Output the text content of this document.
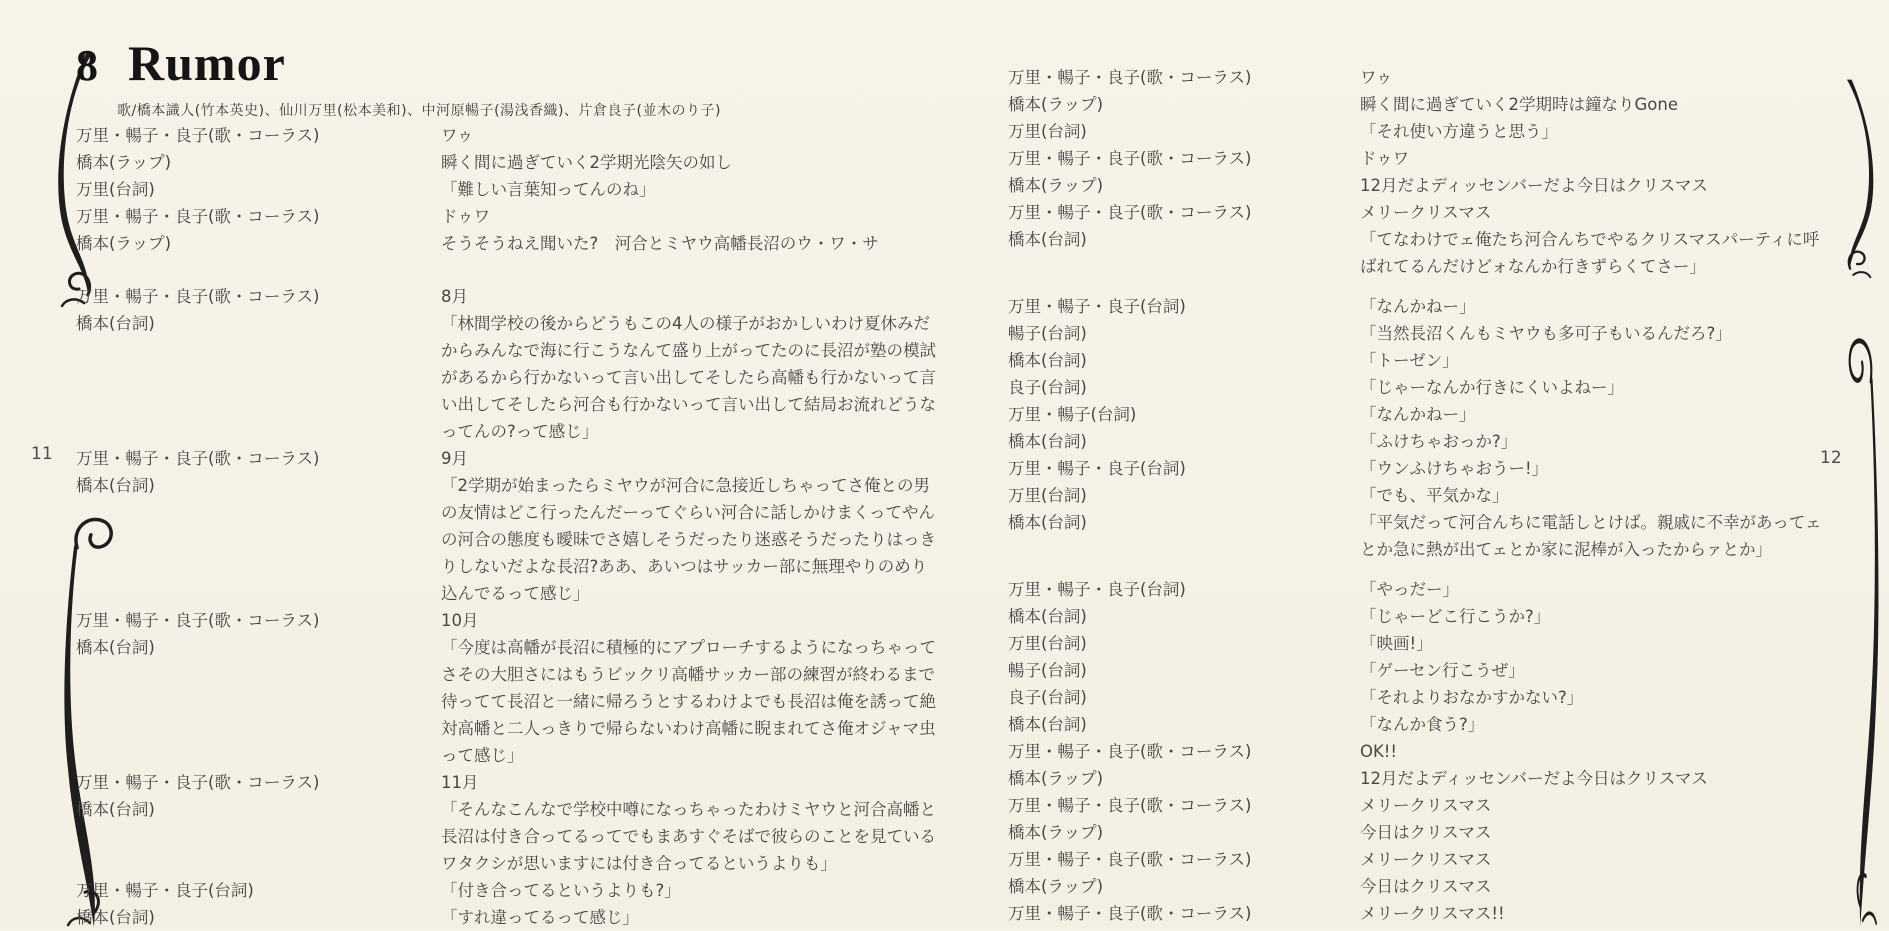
11	12
8 Rumor
歌/橋本識人(竹本英史)、仙川万里(松本美和)、中河原暢子(湯浅香織)、片倉良子(並木のり子)
万里・暢子・良子(歌・コーラス)	ワゥ
橋本(ラップ)	瞬く間に過ぎていく2学期光陰矢の如し
万里(台詞)	「難しい言葉知ってんのね」
万里・暢子・良子(歌・コーラス)	ドゥワ
橋本(ラップ)	そうそうねえ聞いた?　河合とミヤウ高幡長沼のウ・ワ・サ
万里・暢子・良子(歌・コーラス)	8月
橋本(台詞)	「林間学校の後からどうもこの4人の様子がおかしいわけ夏休みだからみんなで海に行こうなんて盛り上がってたのに長沼が塾の模試があるから行かないって言い出してそしたら高幡も行かないって言い出してそしたら河合も行かないって言い出して結局お流れどうなってんの?って感じ」
万里・暢子・良子(歌・コーラス)	9月
橋本(台詞)	「2学期が始まったらミヤウが河合に急接近しちゃってさ俺との男の友情はどこ行ったんだーってぐらい河合に話しかけまくってやんの河合の態度も曖昧でさ嬉しそうだったり迷惑そうだったりはっきりしないだよな長沼?ああ、あいつはサッカー部に無理やりのめり込んでるって感じ」
万里・暢子・良子(歌・コーラス)	10月
橋本(台詞)	「今度は高幡が長沼に積極的にアプローチするようになっちゃってさその大胆さにはもうビックリ高幡サッカー部の練習が終わるまで待ってて長沼と一緒に帰ろうとするわけよでも長沼は俺を誘って絶対高幡と二人っきりで帰らないわけ高幡に睨まれてさ俺オジャマ虫って感じ」
万里・暢子・良子(歌・コーラス)	11月
橋本(台詞)	「そんなこんなで学校中噂になっちゃったわけミヤウと河合高幡と長沼は付き合ってるってでもまあすぐそばで彼らのことを見ているワタクシが思いますには付き合ってるというよりも」
万里・暢子・良子(台詞)	「付き合ってるというよりも?」
橋本(台詞)	「すれ違ってるって感じ」
万里・暢子・良子(歌・コーラス)	ワゥ
橋本(ラップ)	瞬く間に過ぎていく2学期時は鐘なりGone
万里(台詞)	「それ使い方違うと思う」
万里・暢子・良子(歌・コーラス)	ドゥワ
橋本(ラップ)	12月だよディッセンバーだよ今日はクリスマス
万里・暢子・良子(歌・コーラス)	メリークリスマス
橋本(台詞)	「てなわけでェ俺たち河合んちでやるクリスマスパーティに呼ばれてるんだけどォなんか行きずらくてさー」
万里・暢子・良子(台詞)	「なんかねー」
暢子(台詞)	「当然長沼くんもミヤウも多可子もいるんだろ?」
橋本(台詞)	「トーゼン」
良子(台詞)	「じゃーなんか行きにくいよねー」
万里・暢子(台詞)	「なんかねー」
橋本(台詞)	「ふけちゃおっか?」
万里・暢子・良子(台詞)	「ウンふけちゃおうー!」
万里(台詞)	「でも、平気かな」
橋本(台詞)	「平気だって河合んちに電話しとけば。親戚に不幸があってェとか急に熱が出てェとか家に泥棒が入ったからァとか」
万里・暢子・良子(台詞)	「やっだー」
橋本(台詞)	「じゃーどこ行こうか?」
万里(台詞)	「映画!」
暢子(台詞)	「ゲーセン行こうぜ」
良子(台詞)	「それよりおなかすかない?」
橋本(台詞)	「なんか食う?」
万里・暢子・良子(歌・コーラス)	OK!!
橋本(ラップ)	12月だよディッセンバーだよ今日はクリスマス
万里・暢子・良子(歌・コーラス)	メリークリスマス
橋本(ラップ)	今日はクリスマス
万里・暢子・良子(歌・コーラス)	メリークリスマス
橋本(ラップ)	今日はクリスマス
万里・暢子・良子(歌・コーラス)	メリークリスマス!!
